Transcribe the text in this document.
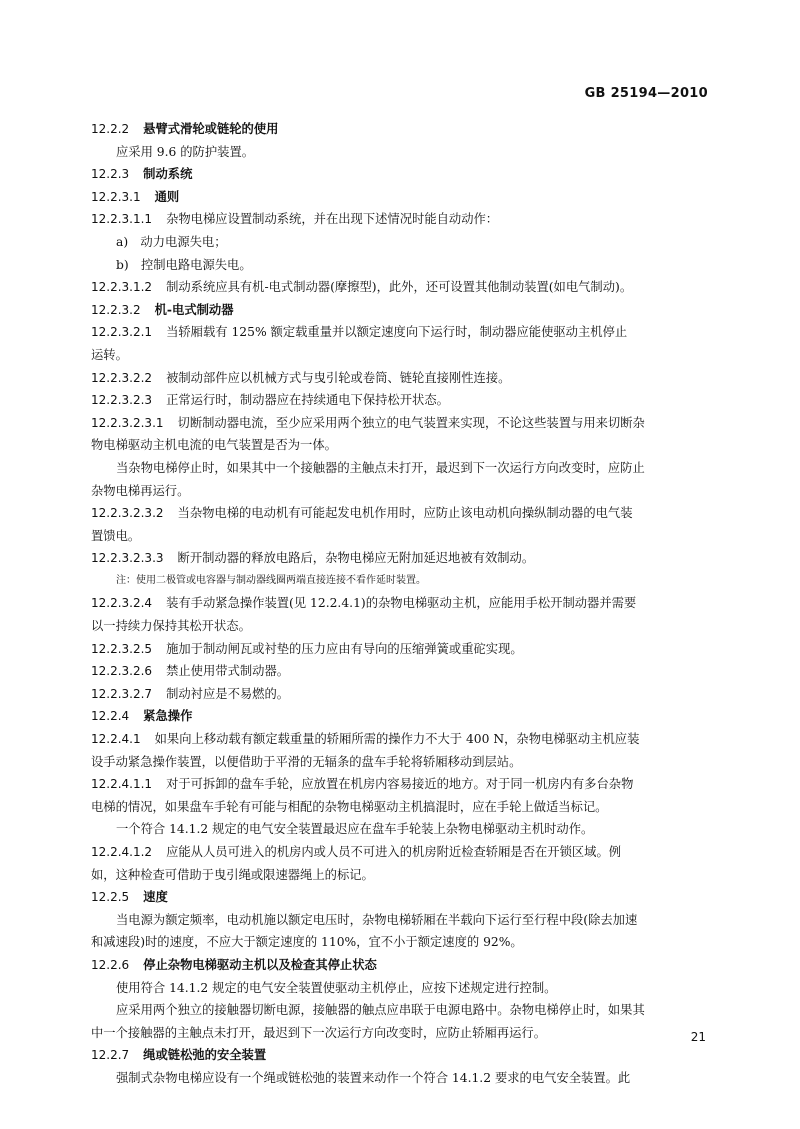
GB 25194—2010
12.2.2 悬臂式滑轮或链轮的使用
应采用 9.6 的防护装置。
12.2.3 制动系统
12.2.3.1 通则
12.2.3.1.1 杂物电梯应设置制动系统，并在出现下述情况时能自动动作：
a)　动力电源失电；
b)　控制电路电源失电。
12.2.3.1.2 制动系统应具有机-电式制动器(摩擦型)，此外，还可设置其他制动装置(如电气制动)。
12.2.3.2 机-电式制动器
12.2.3.2.1 当轿厢载有 125% 额定载重量并以额定速度向下运行时，制动器应能使驱动主机停止
运转。
12.2.3.2.2 被制动部件应以机械方式与曳引轮或卷筒、链轮直接刚性连接。
12.2.3.2.3 正常运行时，制动器应在持续通电下保持松开状态。
12.2.3.2.3.1 切断制动器电流，至少应采用两个独立的电气装置来实现，不论这些装置与用来切断杂
物电梯驱动主机电流的电气装置是否为一体。
当杂物电梯停止时，如果其中一个接触器的主触点未打开，最迟到下一次运行方向改变时，应防止
杂物电梯再运行。
12.2.3.2.3.2 当杂物电梯的电动机有可能起发电机作用时，应防止该电动机向操纵制动器的电气装
置馈电。
12.2.3.2.3.3 断开制动器的释放电路后，杂物电梯应无附加延迟地被有效制动。
注：使用二极管或电容器与制动器线圈两端直接连接不看作延时装置。
12.2.3.2.4 装有手动紧急操作装置(见 12.2.4.1)的杂物电梯驱动主机，应能用手松开制动器并需要
以一持续力保持其松开状态。
12.2.3.2.5 施加于制动闸瓦或衬垫的压力应由有导向的压缩弹簧或重砣实现。
12.2.3.2.6 禁止使用带式制动器。
12.2.3.2.7 制动衬应是不易燃的。
12.2.4 紧急操作
12.2.4.1 如果向上移动载有额定载重量的轿厢所需的操作力不大于 400 N，杂物电梯驱动主机应装
设手动紧急操作装置，以便借助于平滑的无辐条的盘车手轮将轿厢移动到层站。
12.2.4.1.1 对于可拆卸的盘车手轮，应放置在机房内容易接近的地方。对于同一机房内有多台杂物
电梯的情况，如果盘车手轮有可能与相配的杂物电梯驱动主机搞混时，应在手轮上做适当标记。
一个符合 14.1.2 规定的电气安全装置最迟应在盘车手轮装上杂物电梯驱动主机时动作。
12.2.4.1.2 应能从人员可进入的机房内或人员不可进入的机房附近检查轿厢是否在开锁区域。例
如，这种检查可借助于曳引绳或限速器绳上的标记。
12.2.5 速度
当电源为额定频率，电动机施以额定电压时，杂物电梯轿厢在半载向下运行至行程中段(除去加速
和减速段)时的速度，不应大于额定速度的 110%，宜不小于额定速度的 92%。
12.2.6 停止杂物电梯驱动主机以及检查其停止状态
使用符合 14.1.2 规定的电气安全装置使驱动主机停止，应按下述规定进行控制。
应采用两个独立的接触器切断电源，接触器的触点应串联于电源电路中。杂物电梯停止时，如果其
中一个接触器的主触点未打开，最迟到下一次运行方向改变时，应防止轿厢再运行。
12.2.7 绳或链松弛的安全装置
强制式杂物电梯应设有一个绳或链松弛的装置来动作一个符合 14.1.2 要求的电气安全装置。此
21
